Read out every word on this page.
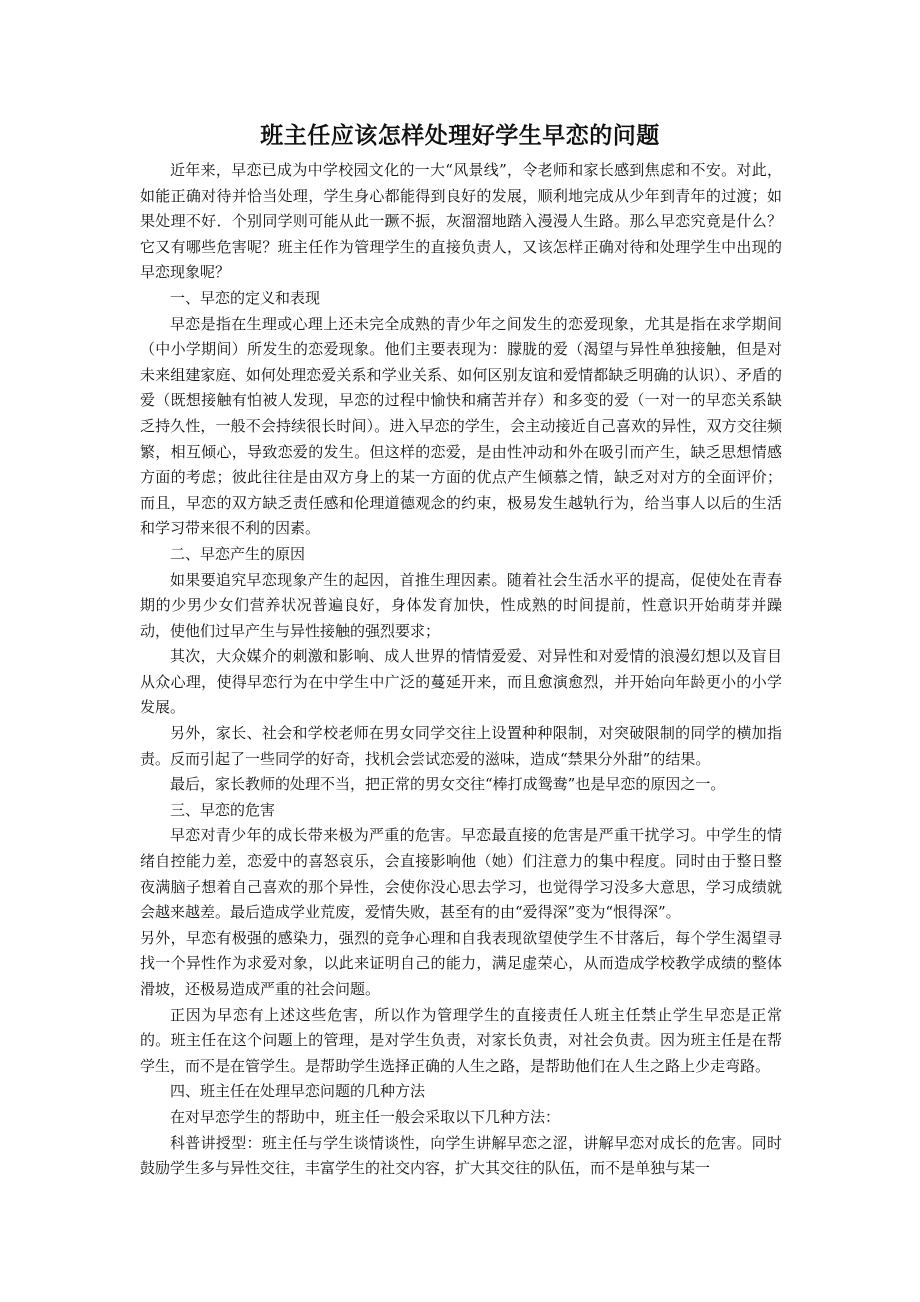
班主任应该怎样处理好学生早恋的问题

近年来，早恋已成为中学校园文化的一大“风景线”，令老师和家长感到焦虑和不安。对此，如能正确对待并恰当处理，学生身心都能得到良好的发展，顺利地完成从少年到青年的过渡；如果处理不好．个别同学则可能从此一蹶不振，灰溜溜地踏入漫漫人生路。那么早恋究竟是什么？它又有哪些危害呢？班主任作为管理学生的直接负责人，又该怎样正确对待和处理学生中出现的早恋现象呢？

一、早恋的定义和表现

早恋是指在生理或心理上还未完全成熟的青少年之间发生的恋爱现象，尤其是指在求学期间（中小学期间）所发生的恋爱现象。他们主要表现为：朦胧的爱（渴望与异性单独接触，但是对未来组建家庭、如何处理恋爱关系和学业关系、如何区别友谊和爱情都缺乏明确的认识）、矛盾的爱（既想接触有怕被人发现，早恋的过程中愉快和痛苦并存）和多变的爱（一对一的早恋关系缺乏持久性，一般不会持续很长时间）。进入早恋的学生，会主动接近自己喜欢的异性，双方交往频繁，相互倾心，导致恋爱的发生。但这样的恋爱，是由性冲动和外在吸引而产生，缺乏思想情感方面的考虑；彼此往往是由双方身上的某一方面的优点产生倾慕之情，缺乏对对方的全面评价；而且，早恋的双方缺乏责任感和伦理道德观念的约束，极易发生越轨行为，给当事人以后的生活和学习带来很不利的因素。

二、早恋产生的原因

如果要追究早恋现象产生的起因，首推生理因素。随着社会生活水平的提高，促使处在青春期的少男少女们营养状况普遍良好，身体发育加快，性成熟的时间提前，性意识开始萌芽并躁动，使他们过早产生与异性接触的强烈要求；

其次，大众媒介的刺激和影响、成人世界的情情爱爱、对异性和对爱情的浪漫幻想以及盲目从众心理，使得早恋行为在中学生中广泛的蔓延开来，而且愈演愈烈，并开始向年龄更小的小学发展。

另外，家长、社会和学校老师在男女同学交往上设置种种限制，对突破限制的同学的横加指责。反而引起了一些同学的好奇，找机会尝试恋爱的滋味，造成“禁果分外甜”的结果。

最后，家长教师的处理不当，把正常的男女交往“棒打成鸳鸯”也是早恋的原因之一。

三、早恋的危害

早恋对青少年的成长带来极为严重的危害。早恋最直接的危害是严重干扰学习。中学生的情绪自控能力差，恋爱中的喜怒哀乐，会直接影响他（她）们注意力的集中程度。同时由于整日整夜满脑子想着自己喜欢的那个异性，会使你没心思去学习，也觉得学习没多大意思，学习成绩就会越来越差。最后造成学业荒废，爱情失败，甚至有的由“爱得深”变为“恨得深”。

另外，早恋有极强的感染力，强烈的竞争心理和自我表现欲望使学生不甘落后，每个学生渴望寻找一个异性作为求爱对象，以此来证明自己的能力，满足虚荣心，从而造成学校教学成绩的整体滑坡，还极易造成严重的社会问题。

正因为早恋有上述这些危害，所以作为管理学生的直接责任人班主任禁止学生早恋是正常的。班主任在这个问题上的管理，是对学生负责，对家长负责，对社会负责。因为班主任是在帮学生，而不是在管学生。是帮助学生选择正确的人生之路，是帮助他们在人生之路上少走弯路。

四、班主任在处理早恋问题的几种方法

在对早恋学生的帮助中，班主任一般会采取以下几种方法：

科普讲授型：班主任与学生谈情谈性，向学生讲解早恋之涩，讲解早恋对成长的危害。同时鼓励学生多与异性交往，丰富学生的社交内容，扩大其交往的队伍，而不是单独与某一
